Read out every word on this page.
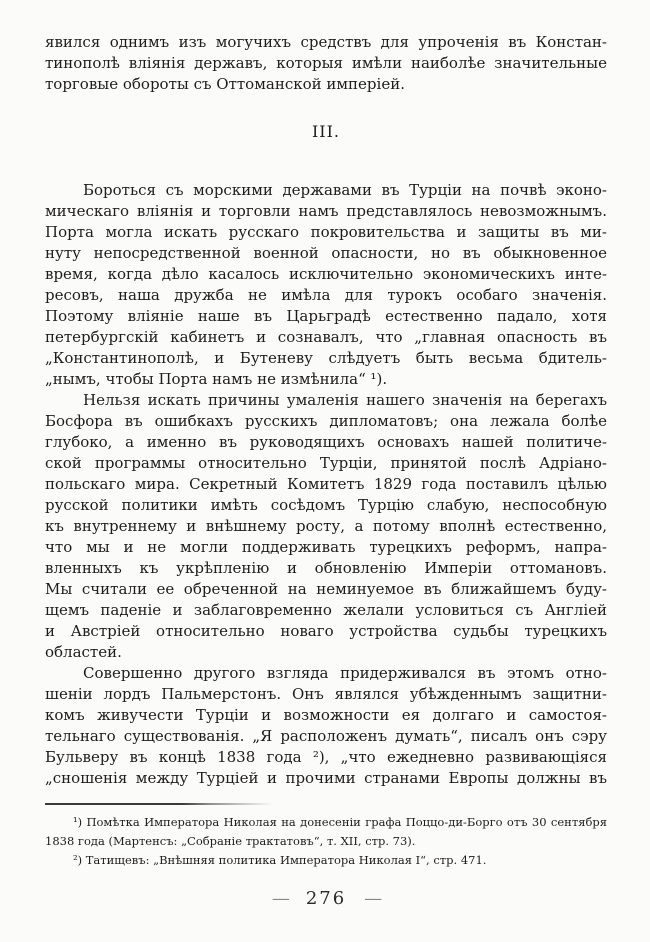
явился однимъ изъ могучихъ средствъ для упроченія въ Констан-
тинополѣ вліянія державъ, которыя имѣли наиболѣе значительные
торговые обороты съ Оттоманской имперіей.
III.
Бороться съ морскими державами въ Турціи на почвѣ эконо-
мическаго вліянія и торговли намъ представлялось невозможнымъ.
Порта могла искать русскаго покровительства и защиты въ ми-
нуту непосредственной военной опасности, но въ обыкновенное
время, когда дѣло касалось исключительно экономическихъ инте-
ресовъ, наша дружба не имѣла для турокъ особаго значенія.
Поэтому вліяніе наше въ Царьградѣ естественно падало, хотя
петербургскій кабинетъ и сознавалъ, что „главная опасность въ
„Константинополѣ, и Бутеневу слѣдуетъ быть весьма бдитель-
„нымъ, чтобы Порта намъ не измѣнила“ ¹).
Нельзя искать причины умаленія нашего значенія на берегахъ
Босфора въ ошибкахъ русскихъ дипломатовъ; она лежала болѣе
глубоко, а именно въ руководящихъ основахъ нашей политиче-
ской программы относительно Турціи, принятой послѣ Адріано-
польскаго мира. Секретный Комитетъ 1829 года поставилъ цѣлью
русской политики имѣть сосѣдомъ Турцію слабую, неспособную
къ внутреннему и внѣшнему росту, а потому вполнѣ естественно,
что мы и не могли поддерживать турецкихъ реформъ, напра-
вленныхъ къ укрѣпленію и обновленію Имперіи оттомановъ.
Мы считали ее обреченной на неминуемое въ ближайшемъ буду-
щемъ паденіе и заблаговременно желали условиться съ Англіей
и Австріей относительно новаго устройства судьбы турецкихъ
областей.
Совершенно другого взгляда придерживался въ этомъ отно-
шеніи лордъ Пальмерстонъ. Онъ являлся убѣжденнымъ защитни-
комъ живучести Турціи и возможности ея долгаго и самостоя-
тельнаго существованія. „Я расположенъ думать“, писалъ онъ сэру
Бульверу въ концѣ 1838 года ²), „что ежедневно развивающіяся
„сношенія между Турціей и прочими странами Европы должны въ
¹) Помѣтка Императора Николая на донесеніи графа Поццо-ди-Борго отъ 30 сентября
1838 года (Мартенсъ: „Собраніе трактатовъ“, т. XII, стр. 73).
²) Татищевъ: „Внѣшняя политика Императора Николая I“, стр. 471.
— 276 —
